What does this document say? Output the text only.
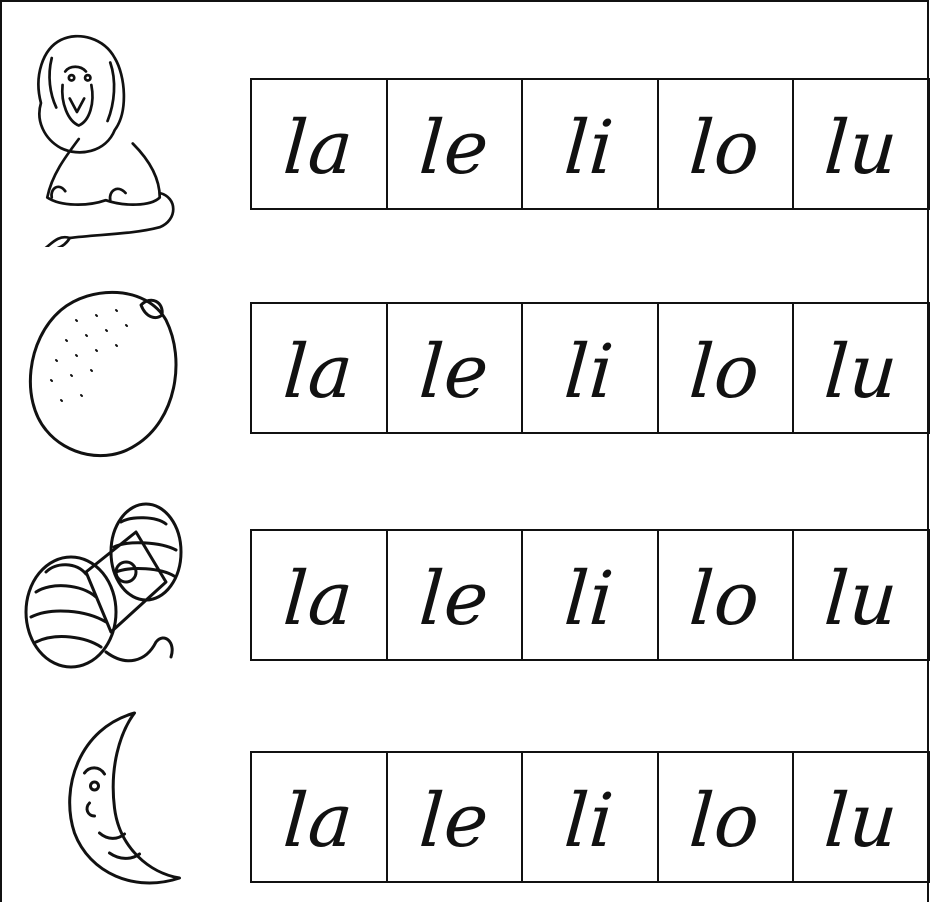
la le li lo lu
la le li lo lu
la le li lo lu
la le li lo lu
